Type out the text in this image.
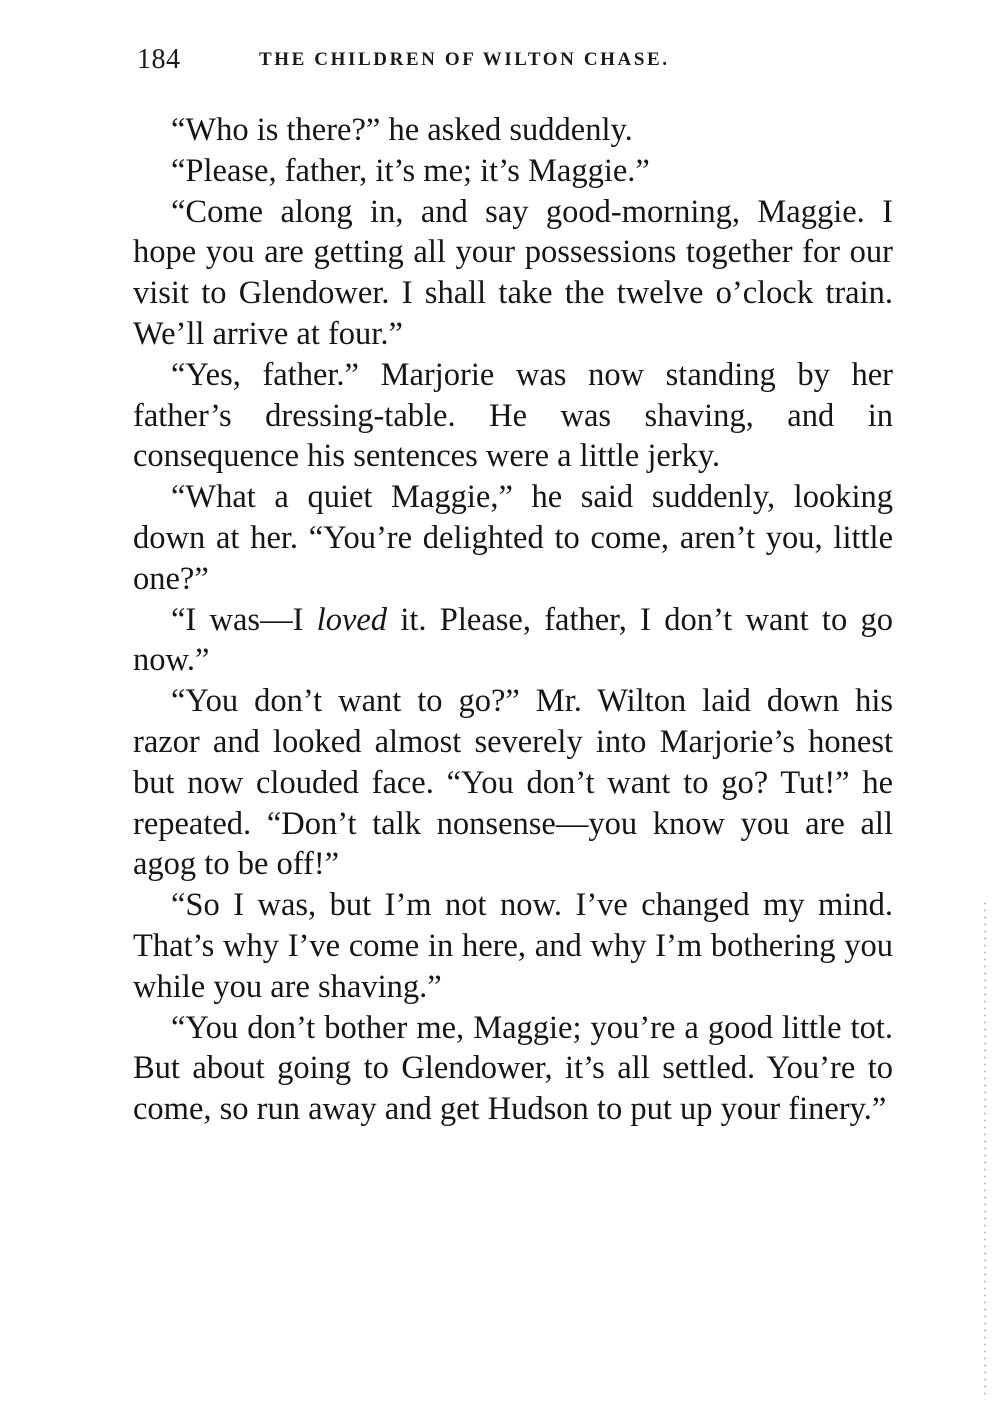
184	THE CHILDREN OF WILTON CHASE.

“Who is there?” he asked suddenly.

“Please, father, it’s me; it’s Maggie.”

“Come along in, and say good-morning, Maggie. I hope you are getting all your possessions together for our visit to Glendower. I shall take the twelve o’clock train. We’ll arrive at four.”

“Yes, father.” Marjorie was now standing by her father’s dressing-table. He was shaving, and in consequence his sentences were a little jerky.

“What a quiet Maggie,” he said suddenly, looking down at her. “You’re delighted to come, aren’t you, little one?”

“I was—I loved it. Please, father, I don’t want to go now.”

“You don’t want to go?” Mr. Wilton laid down his razor and looked almost severely into Marjorie’s honest but now clouded face. “You don’t want to go? Tut!” he repeated. “Don’t talk nonsense—you know you are all agog to be off!”

“So I was, but I’m not now. I’ve changed my mind. That’s why I’ve come in here, and why I’m bothering you while you are shaving.”

“You don’t bother me, Maggie; you’re a good little tot. But about going to Glendower, it’s all settled. You’re to come, so run away and get Hudson to put up your finery.”
